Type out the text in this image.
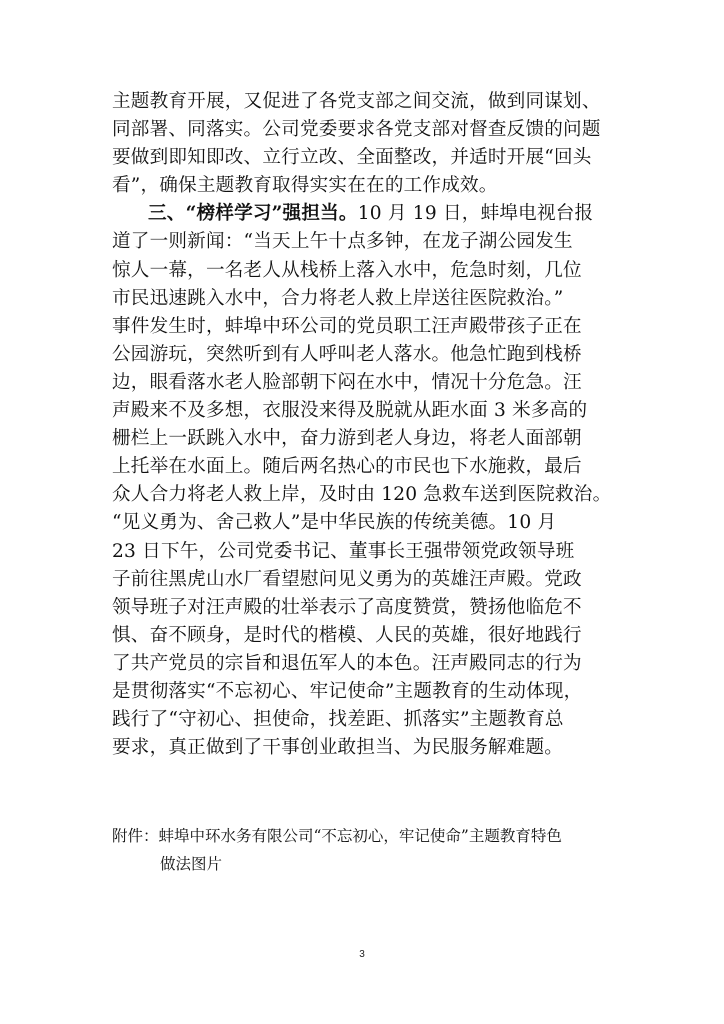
主题教育开展，又促进了各党支部之间交流，做到同谋划、
同部署、同落实。公司党委要求各党支部对督查反馈的问题
要做到即知即改、立行立改、全面整改，并适时开展“回头
看”，确保主题教育取得实实在在的工作成效。
三、“榜样学习”强担当。10 月 19 日，蚌埠电视台报
道了一则新闻：“当天上午十点多钟，在龙子湖公园发生
惊人一幕，一名老人从栈桥上落入水中，危急时刻，几位
市民迅速跳入水中，合力将老人救上岸送往医院救治。”
事件发生时，蚌埠中环公司的党员职工汪声殿带孩子正在
公园游玩，突然听到有人呼叫老人落水。他急忙跑到栈桥
边，眼看落水老人脸部朝下闷在水中，情况十分危急。汪
声殿来不及多想，衣服没来得及脱就从距水面 3 米多高的
栅栏上一跃跳入水中，奋力游到老人身边，将老人面部朝
上托举在水面上。随后两名热心的市民也下水施救，最后
众人合力将老人救上岸，及时由 120 急救车送到医院救治。
“见义勇为、舍己救人”是中华民族的传统美德。10 月
23 日下午，公司党委书记、董事长王强带领党政领导班
子前往黑虎山水厂看望慰问见义勇为的英雄汪声殿。党政
领导班子对汪声殿的壮举表示了高度赞赏，赞扬他临危不
惧、奋不顾身，是时代的楷模、人民的英雄，很好地践行
了共产党员的宗旨和退伍军人的本色。汪声殿同志的行为
是贯彻落实“不忘初心、牢记使命”主题教育的生动体现，
践行了“守初心、担使命，找差距、抓落实”主题教育总
要求，真正做到了干事创业敢担当、为民服务解难题。
附件：蚌埠中环水务有限公司“不忘初心，牢记使命”主题教育特色
做法图片
3
